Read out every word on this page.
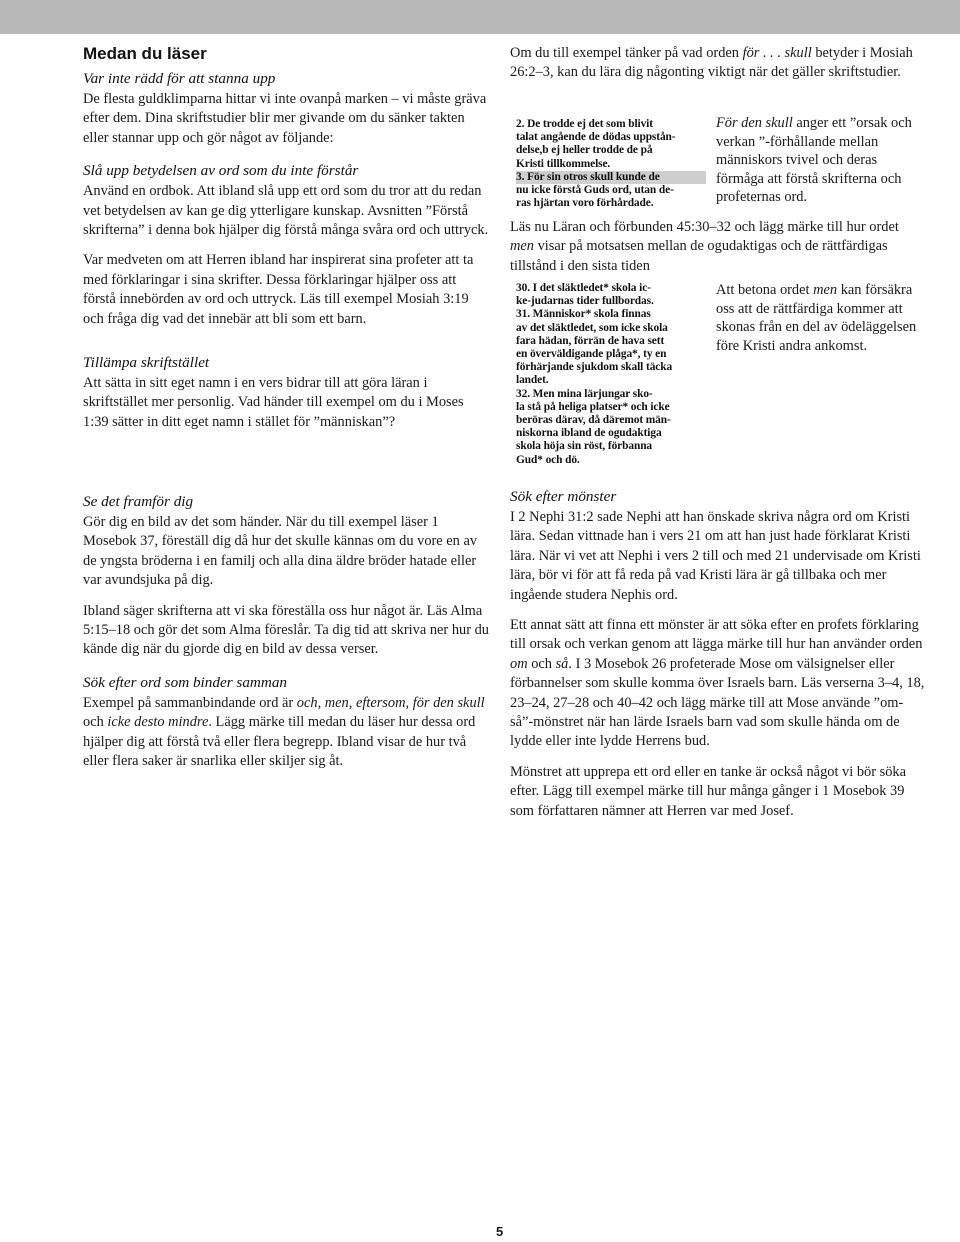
Medan du läser
Var inte rädd för att stanna upp

De flesta guldklimparna hittar vi inte ovanpå marken – vi måste gräva efter dem. Dina skriftstudier blir mer givande om du sänker takten eller stannar upp och gör något av följande:

Slå upp betydelsen av ord som du inte förstår

Använd en ordbok. Att ibland slå upp ett ord som du tror att du redan vet betydelsen av kan ge dig ytterligare kunskap. Avsnitten ”Förstå skrifterna” i denna bok hjälper dig förstå många svåra ord och uttryck.

Var medveten om att Herren ibland har inspirerat sina profeter att ta med förklaringar i sina skrifter. Dessa förklaringar hjälper oss att förstå innebörden av ord och uttryck. Läs till exempel Mosiah 3:19 och fråga dig vad det innebär att bli som ett barn.

Tillämpa skriftstället

Att sätta in sitt eget namn i en vers bidrar till att göra läran i skriftstället mer personlig. Vad händer till exempel om du i Moses 1:39 sätter in ditt eget namn i stället för ”människan”?

Se det framför dig

Gör dig en bild av det som händer. När du till exempel läser 1 Mosebok 37, föreställ dig då hur det skulle kännas om du vore en av de yngsta bröderna i en familj och alla dina äldre bröder hatade eller var avundsjuka på dig.

Ibland säger skrifterna att vi ska föreställa oss hur något är. Läs Alma 5:15–18 och gör det som Alma föreslår. Ta dig tid att skriva ner hur du kände dig när du gjorde dig en bild av dessa verser.

Sök efter ord som binder samman

Exempel på sammanbindande ord är och, men, eftersom, för den skull och icke desto mindre. Lägg märke till medan du läser hur dessa ord hjälper dig att förstå två eller flera begrepp. Ibland visar de hur två eller flera saker är snarlika eller skiljer sig åt.

Om du till exempel tänker på vad orden för . . . skull betyder i Mosiah 26:2–3, kan du lära dig någonting viktigt när det gäller skriftstudier.

2. De trodde ej det som blivit
talat angående de dödas uppstån-
delse,b ej heller trodde de på
Kristi tillkommelse.
3. För sin otros skull kunde de
nu icke förstå Guds ord, utan de-
ras hjärtan voro förhårdade.

För den skull anger ett ”orsak och verkan ”-förhållande mellan människors tvivel och deras förmåga att förstå skrifterna och profeternas ord.

Läs nu Läran och förbunden 45:30–32 och lägg märke till hur ordet men visar på motsatsen mellan de ogudaktigas och de rättfärdigas tillstånd i den sista tiden

30. I det släktledet* skola ic-
ke-judarnas tider fullbordas.
31. Människor* skola finnas
av det släktledet, som icke skola
fara hädan, förrän de hava sett
en överväldigande plåga*, ty en
förhärjande sjukdom skall täcka
landet.
32. Men mina lärjungar sko-
la stå på heliga platser* och icke
beröras därav, då däremot män-
niskorna ibland de ogudaktiga
skola höja sin röst, förbanna
Gud* och dö.

Att betona ordet men kan försäkra oss att de rättfärdiga kommer att skonas från en del av ödeläggelsen före Kristi andra ankomst.

Sök efter mönster

I 2 Nephi 31:2 sade Nephi att han önskade skriva några ord om Kristi lära. Sedan vittnade han i vers 21 om att han just hade förklarat Kristi lära. När vi vet att Nephi i vers 2 till och med 21 undervisade om Kristi lära, bör vi för att få reda på vad Kristi lära är gå tillbaka och mer ingående studera Nephis ord.

Ett annat sätt att finna ett mönster är att söka efter en profets förklaring till orsak och verkan genom att lägga märke till hur han använder orden om och så. I 3 Mosebok 26 profeterade Mose om välsignelser eller förbannelser som skulle komma över Israels barn. Läs verserna 3–4, 18, 23–24, 27–28 och 40–42 och lägg märke till att Mose använde ”om-så”-mönstret när han lärde Israels barn vad som skulle hända om de lydde eller inte lydde Herrens bud.

Mönstret att upprepa ett ord eller en tanke är också något vi bör söka efter. Lägg till exempel märke till hur många gånger i 1 Mosebok 39 som författaren nämner att Herren var med Josef.

5
